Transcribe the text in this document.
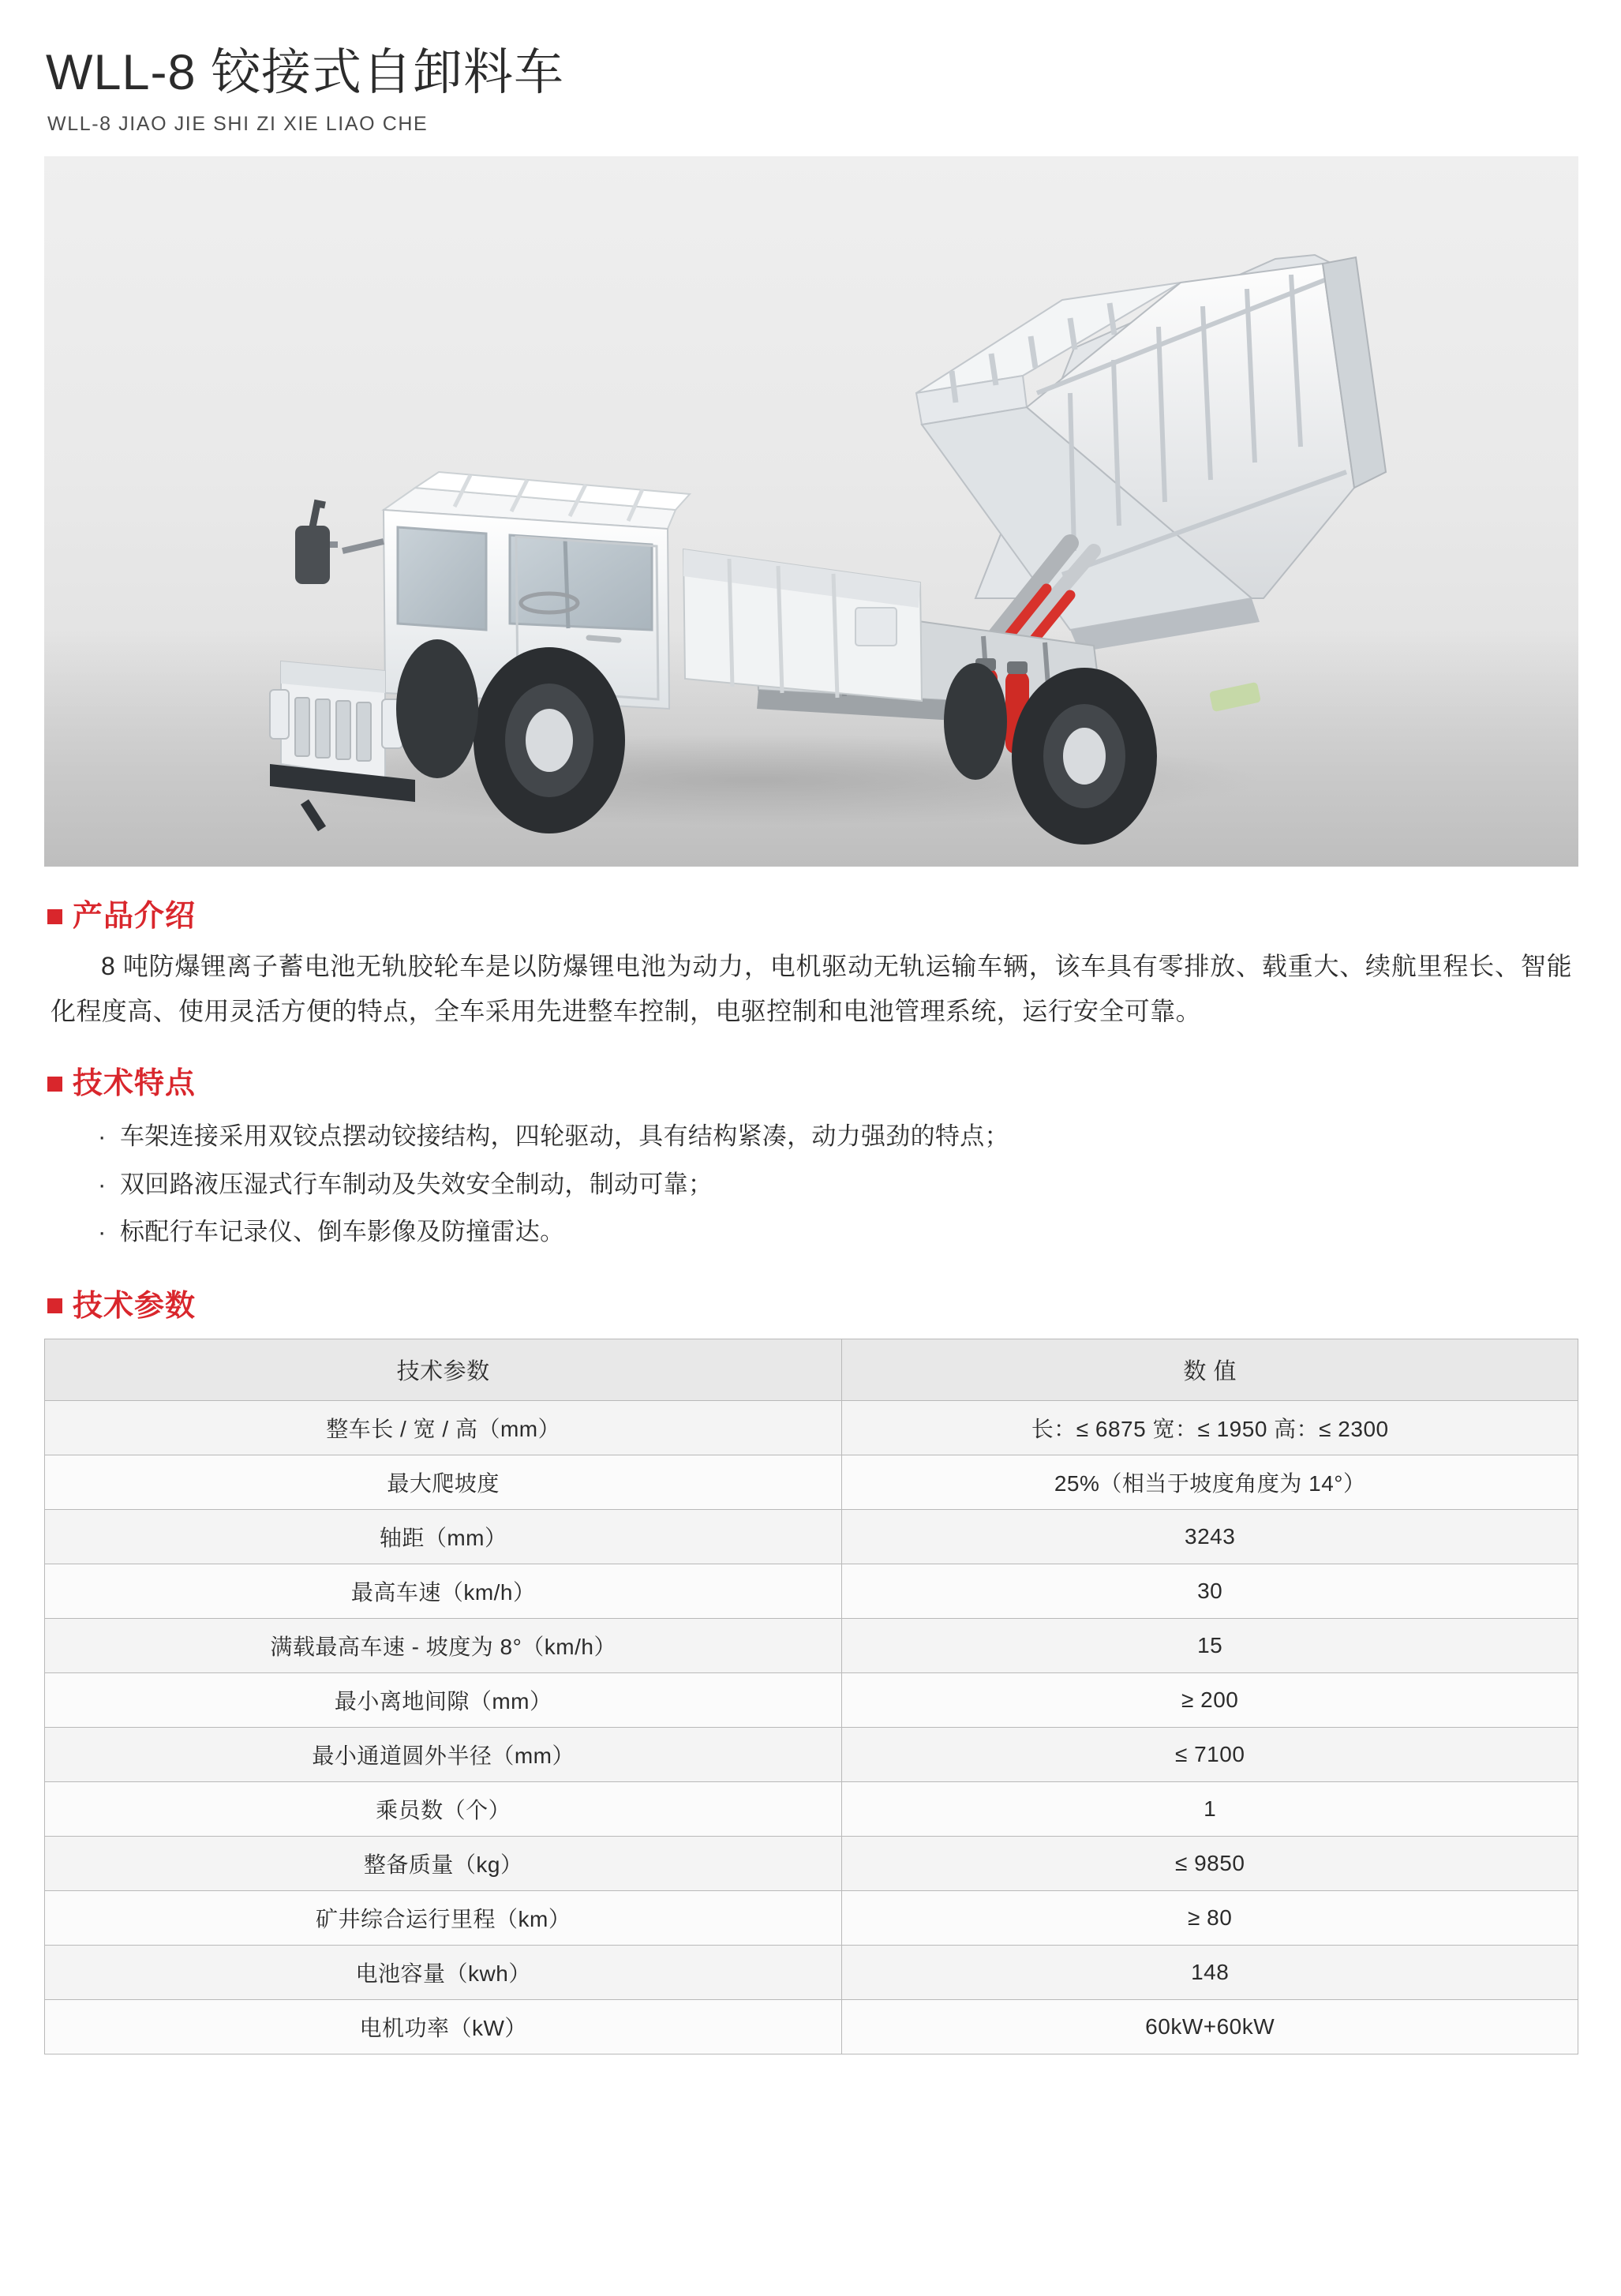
WLL-8 铰接式自卸料车
WLL-8 JIAO JIE SHI ZI XIE LIAO CHE
产品介绍

8 吨防爆锂离子蓄电池无轨胶轮车是以防爆锂电池为动力，电机驱动无轨运输车辆，该车具有零排放、载重大、续航里程长、智能化程度高、使用灵活方便的特点，全车采用先进整车控制，电驱控制和电池管理系统，运行安全可靠。

技术特点
· 车架连接采用双铰点摆动铰接结构，四轮驱动，具有结构紧凑，动力强劲的特点；
· 双回路液压湿式行车制动及失效安全制动，制动可靠；
· 标配行车记录仪、倒车影像及防撞雷达。
技术参数
技术参数	数 值
整车长 / 宽 / 高（mm）	长：≤ 6875 宽：≤ 1950 高：≤ 2300
最大爬坡度	25%（相当于坡度角度为 14°）
轴距（mm）	3243
最高车速（km/h）	30
满载最高车速 - 坡度为 8°（km/h）	15
最小离地间隙（mm）	≥ 200
最小通道圆外半径（mm）	≤ 7100
乘员数（个）	1
整备质量（kg）	≤ 9850
矿井综合运行里程（km）	≥ 80
电池容量（kwh）	148
电机功率（kW）	60kW+60kW
